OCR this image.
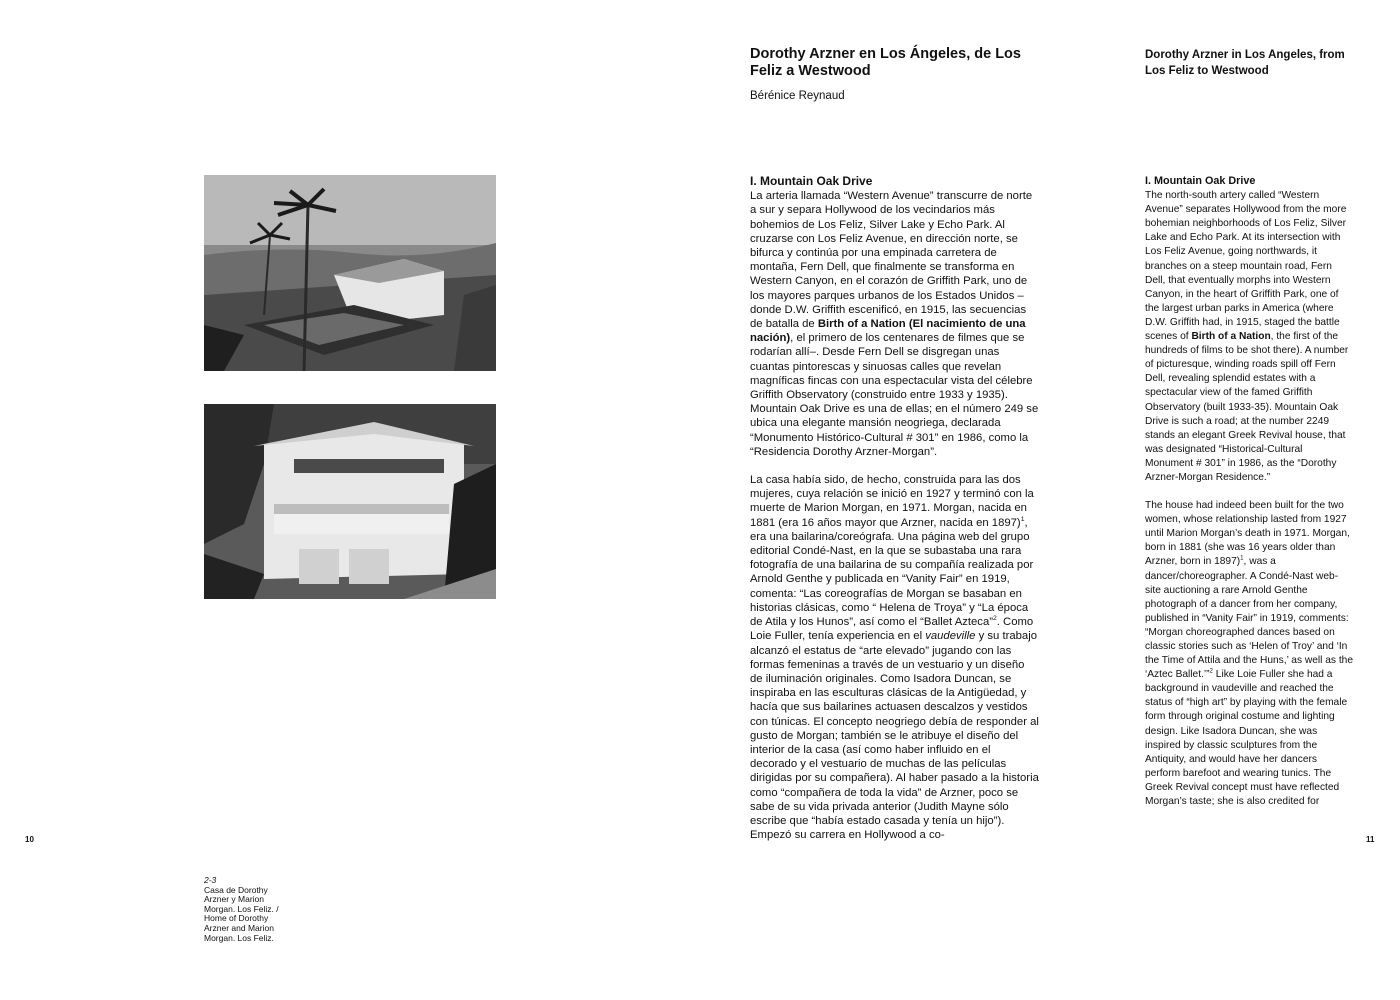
2-3
Casa de Dorothy Arzner y Marion Morgan. Los Feliz. / Home of Dorothy Arzner and Marion Morgan. Los Feliz.
10	11
Dorothy Arzner en Los Ángeles, de Los Feliz a Westwood
Bérénice Reynaud
Dorothy Arzner in Los Angeles, from Los Feliz to Westwood

I. Mountain Oak Drive
La arteria llamada “Western Avenue” transcurre de norte a sur y separa Hollywood de los vecindarios más bohemios de Los Feliz, Silver Lake y Echo Park. Al cruzarse con Los Feliz Avenue, en dirección norte, se bifurca y continúa por una empinada carretera de montaña, Fern Dell, que finalmente se transforma en Western Canyon, en el corazón de Griffith Park, uno de los mayores parques urbanos de los Estados Unidos –donde D.W. Griffith escenificó, en 1915, las secuencias de batalla de Birth of a Nation (El nacimiento de una nación), el primero de los centenares de filmes que se rodarían allí–. Desde Fern Dell se disgregan unas cuantas pintorescas y sinuosas calles que revelan magníficas fincas con una espectacular vista del célebre Griffith Observatory (construido entre 1933 y 1935). Mountain Oak Drive es una de ellas; en el número 249 se ubica una elegante mansión neogriega, declarada “Monumento Histórico-Cultural # 301” en 1986, como la “Residencia Dorothy Arzner-Morgan”.

La casa había sido, de hecho, construida para las dos mujeres, cuya relación se inició en 1927 y terminó con la muerte de Marion Morgan, en 1971. Morgan, nacida en 1881 (era 16 años mayor que Arzner, nacida en 1897)$^1$, era una bailarina/coreógrafa. Una página web del grupo editorial Condé-Nast, en la que se subastaba una rara fotografía de una bailarina de su compañía realizada por Arnold Genthe y publicada en “Vanity Fair” en 1919, comenta: “Las coreografías de Morgan se basaban en historias clásicas, como “ Helena de Troya” y “La época de Atila y los Hunos”, así como el “Ballet Azteca”$^2$. Como Loie Fuller, tenía experiencia en el vaudeville y su trabajo alcanzó el estatus de “arte elevado” jugando con las formas femeninas a través de un vestuario y un diseño de iluminación originales. Como Isadora Duncan, se inspiraba en las esculturas clásicas de la Antigüedad, y hacía que sus bailarines actuasen descalzos y vestidos con túnicas. El concepto neogriego debía de responder al gusto de Morgan; también se le atribuye el diseño del interior de la casa (así como haber influido en el decorado y el vestuario de muchas de las películas dirigidas por su compañera). Al haber pasado a la historia como “compañera de toda la vida” de Arzner, poco se sabe de su vida privada anterior (Judith Mayne sólo escribe que “había estado casada y tenía un hijo”). Empezó su carrera en Hollywood a co-

I. Mountain Oak Drive
The north-south artery called “Western Avenue” separates Hollywood from the more bohemian neighborhoods of Los Feliz, Silver Lake and Echo Park. At its intersection with Los Feliz Avenue, going northwards, it branches on a steep mountain road, Fern Dell, that eventually morphs into Western Canyon, in the heart of Griffith Park, one of the largest urban parks in America (where D.W. Griffith had, in 1915, staged the battle scenes of Birth of a Nation, the first of the hundreds of films to be shot there). A number of picturesque, winding roads spill off Fern Dell, revealing splendid estates with a spectacular view of the famed Griffith Observatory (built 1933-35). Mountain Oak Drive is such a road; at the number 2249 stands an elegant Greek Revival house, that was designated “Historical-Cultural Monument # 301” in 1986, as the “Dorothy Arzner-Morgan Residence.”

The house had indeed been built for the two women, whose relationship lasted from 1927 until Marion Morgan’s death in 1971. Morgan, born in 1881 (she was 16 years older than Arzner, born in 1897)$^1$, was a dancer/choreographer. A Condé-Nast web-site auctioning a rare Arnold Genthe photograph of a dancer from her company, published in “Vanity Fair” in 1919, comments: “Morgan choreographed dances based on classic stories such as ‘Helen of Troy’ and ‘In the Time of Attila and the Huns,’ as well as the ‘Aztec Ballet.’”$^2$ Like Loie Fuller she had a background in vaudeville and reached the status of “high art” by playing with the female form through original costume and lighting design. Like Isadora Duncan, she was inspired by classic sculptures from the Antiquity, and would have her dancers perform barefoot and wearing tunics. The Greek Revival concept must have reflected Morgan’s taste; she is also credited for
